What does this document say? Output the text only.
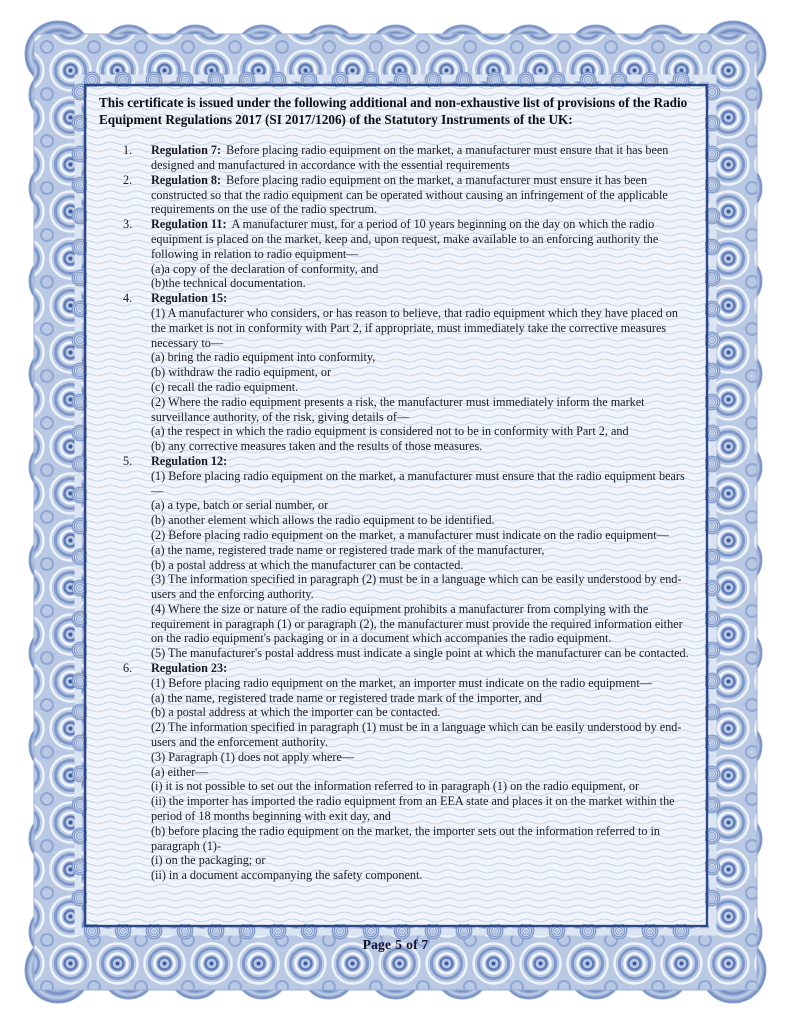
This certificate is issued under the following additional and non-exhaustive list of provisions of the Radio Equipment Regulations 2017 (SI 2017/1206) of the Statutory Instruments of the UK:
1.	Regulation 7: Before placing radio equipment on the market, a manufacturer must ensure that it has been designed and manufactured in accordance with the essential requirements
2.	Regulation 8: Before placing radio equipment on the market, a manufacturer must ensure it has been constructed so that the radio equipment can be operated without causing an infringement of the applicable requirements on the use of the radio spectrum.
3.	Regulation 11: A manufacturer must, for a period of 10 years beginning on the day on which the radio equipment is placed on the market, keep and, upon request, make available to an enforcing authority the following in relation to radio equipment—
(a)a copy of the declaration of conformity, and
(b)the technical documentation.
4.	Regulation 15:
(1) A manufacturer who considers, or has reason to believe, that radio equipment which they have placed on the market is not in conformity with Part 2, if appropriate, must immediately take the corrective measures necessary to—
(a) bring the radio equipment into conformity,
(b) withdraw the radio equipment, or
(c) recall the radio equipment.
(2) Where the radio equipment presents a risk, the manufacturer must immediately inform the market surveillance authority, of the risk, giving details of—
(a) the respect in which the radio equipment is considered not to be in conformity with Part 2, and
(b) any corrective measures taken and the results of those measures.
5.	Regulation 12:
(1) Before placing radio equipment on the market, a manufacturer must ensure that the radio equipment bears—
(a) a type, batch or serial number, or
(b) another element which allows the radio equipment to be identified.
(2) Before placing radio equipment on the market, a manufacturer must indicate on the radio equipment—
(a) the name, registered trade name or registered trade mark of the manufacturer,
(b) a postal address at which the manufacturer can be contacted.
(3) The information specified in paragraph (2) must be in a language which can be easily understood by end-users and the enforcing authority.
(4) Where the size or nature of the radio equipment prohibits a manufacturer from complying with the requirement in paragraph (1) or paragraph (2), the manufacturer must provide the required information either on the radio equipment's packaging or in a document which accompanies the radio equipment.
(5) The manufacturer's postal address must indicate a single point at which the manufacturer can be contacted.
6.	Regulation 23:
(1) Before placing radio equipment on the market, an importer must indicate on the radio equipment—
(a) the name, registered trade name or registered trade mark of the importer, and
(b) a postal address at which the importer can be contacted.
(2) The information specified in paragraph (1) must be in a language which can be easily understood by end-users and the enforcement authority.
(3) Paragraph (1) does not apply where—
(a) either—
(i) it is not possible to set out the information referred to in paragraph (1) on the radio equipment, or
(ii) the importer has imported the radio equipment from an EEA state and places it on the market within the period of 18 months beginning with exit day, and
(b) before placing the radio equipment on the market, the importer sets out the information referred to in paragraph (1)-
(i) on the packaging; or
(ii) in a document accompanying the safety component.
Page 5 of 7
